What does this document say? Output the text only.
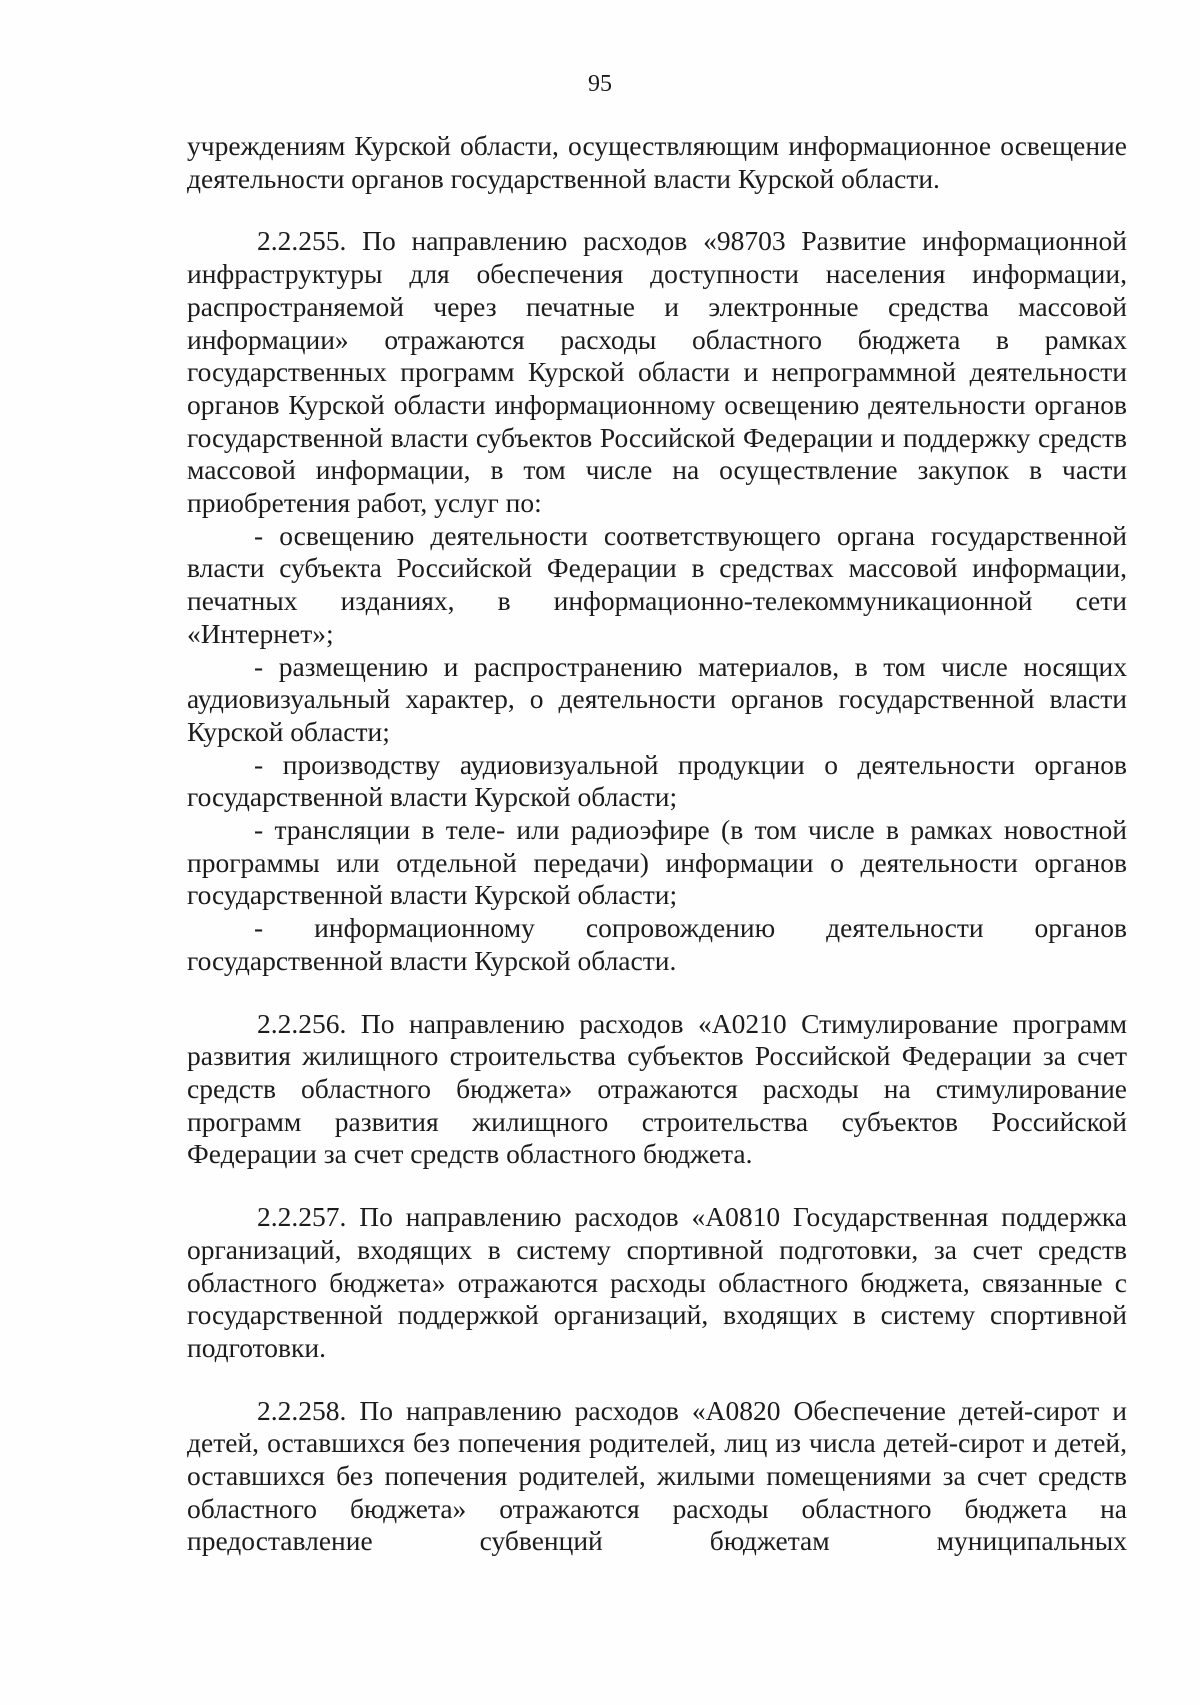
95

учреждениям Курской области, осуществляющим информационное освещение деятельности органов государственной власти Курской области.

2.2.255. По направлению расходов «98703 Развитие информационной инфраструктуры для обеспечения доступности населения информации, распространяемой через печатные и электронные средства массовой информации» отражаются расходы областного бюджета в рамках государственных программ Курской области и непрограммной деятельности органов Курской области информационному освещению деятельности органов государственной власти субъектов Российской Федерации и поддержку средств массовой информации, в том числе на осуществление закупок в части приобретения работ, услуг по:

- освещению деятельности соответствующего органа государственной власти субъекта Российской Федерации в средствах массовой информации, печатных изданиях, в информационно-телекоммуникационной сети «Интернет»;

- размещению и распространению материалов, в том числе носящих аудиовизуальный характер, о деятельности органов государственной власти Курской области;

- производству аудиовизуальной продукции о деятельности органов государственной власти Курской области;

- трансляции в теле- или радиоэфире (в том числе в рамках новостной программы или отдельной передачи) информации о деятельности органов государственной власти Курской области;

- информационному сопровождению деятельности органов государственной власти Курской области.

2.2.256. По направлению расходов «А0210 Стимулирование программ развития жилищного строительства субъектов Российской Федерации за счет средств областного бюджета» отражаются расходы на стимулирование программ развития жилищного строительства субъектов Российской Федерации за счет средств областного бюджета.

2.2.257. По направлению расходов «А0810 Государственная поддержка организаций, входящих в систему спортивной подготовки, за счет средств областного бюджета» отражаются расходы областного бюджета, связанные с государственной поддержкой организаций, входящих в систему спортивной подготовки.

2.2.258. По направлению расходов «А0820 Обеспечение детей-сирот и детей, оставшихся без попечения родителей, лиц из числа детей-сирот и детей, оставшихся без попечения родителей, жилыми помещениями за счет средств областного бюджета» отражаются расходы областного бюджета на предоставление субвенций бюджетам муниципальных
